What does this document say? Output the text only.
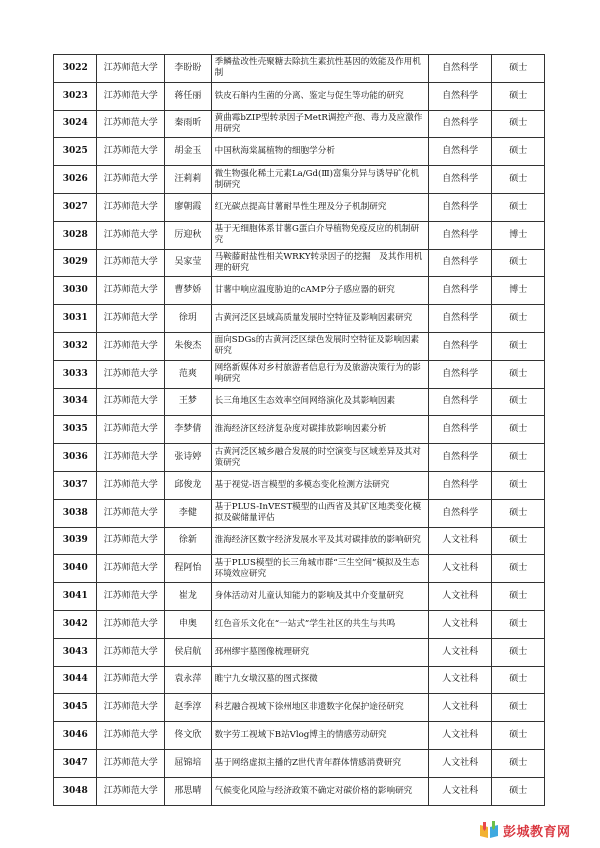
3022	江苏师范大学	李盼盼	季鳞盐改性壳聚糖去除抗生素抗性基因的效能及作用机制	自然科学	硕士
3023	江苏师范大学	蒋任丽	铁皮石斛内生菌的分离、鉴定与促生等功能的研究	自然科学	硕士
3024	江苏师范大学	秦雨昕	黄曲霉bZIP型转录因子MetR调控产孢、毒力及应激作用研究	自然科学	硕士
3025	江苏师范大学	胡金玉	中国秋海棠属植物的细胞学分析	自然科学	硕士
3026	江苏师范大学	汪莉莉	微生物强化稀土元素La/Gd(Ⅲ)富集分异与诱导矿化机制研究	自然科学	硕士
3027	江苏师范大学	廖朝霞	红光碳点提高甘薯耐旱性生理及分子机制研究	自然科学	硕士
3028	江苏师范大学	厉迎秋	基于无细胞体系甘薯G蛋白介导植物免疫反应的机制研究	自然科学	博士
3029	江苏师范大学	吴家莹	马鞍藤耐盐性相关WRKY转录因子的挖掘　及其作用机理的研究	自然科学	硕士
3030	江苏师范大学	曹梦娇	甘薯中响应温度胁迫的cAMP分子感应器的研究	自然科学	博士
3031	江苏师范大学	徐玥	古黄河泛区县域高质量发展时空特征及影响因素研究	自然科学	硕士
3032	江苏师范大学	朱俊杰	面向SDGs的古黄河泛区绿色发展时空特征及影响因素研究	自然科学	硕士
3033	江苏师范大学	范爽	网络新媒体对乡村旅游者信息行为及旅游决策行为的影响研究	自然科学	硕士
3034	江苏师范大学	王梦	长三角地区生态效率空间网络演化及其影响因素	自然科学	硕士
3035	江苏师范大学	李梦倩	淮海经济区经济复杂度对碳排放影响因素分析	自然科学	硕士
3036	江苏师范大学	张诗婷	古黄河泛区城乡融合发展的时空演变与区域差异及其对策研究	自然科学	硕士
3037	江苏师范大学	邱俊龙	基于视觉-语言模型的多模态变化检测方法研究	自然科学	硕士
3038	江苏师范大学	李健	基于PLUS-InVEST模型的山西省及其矿区地类变化模拟及碳储量评估	自然科学	硕士
3039	江苏师范大学	徐新	淮海经济区数字经济发展水平及其对碳排放的影响研究	人文社科	硕士
3040	江苏师范大学	程阿怡	基于PLUS模型的长三角城市群“三生空间”模拟及生态环境效应研究	人文社科	硕士
3041	江苏师范大学	崔龙	身体活动对儿童认知能力的影响及其中介变量研究	人文社科	硕士
3042	江苏师范大学	申奥	红色音乐文化在“一站式”学生社区的共生与共鸣	人文社科	硕士
3043	江苏师范大学	侯启航	邳州缪宇墓图像梳理研究	人文社科	硕士
3044	江苏师范大学	袁永萍	睢宁九女墩汉墓的图式探微	人文社科	硕士
3045	江苏师范大学	赵季淳	科艺融合视域下徐州地区非遗数字化保护途径研究	人文社科	硕士
3046	江苏师范大学	佟文欣	数字劳工视域下B站Vlog博主的情感劳动研究	人文社科	硕士
3047	江苏师范大学	屈锦培	基于网络虚拟主播的Z世代青年群体情感消费研究	人文社科	硕士
3048	江苏师范大学	邢思晴	气候变化风险与经济政策不确定对碳价格的影响研究	人文社科	硕士
彭城教育网
